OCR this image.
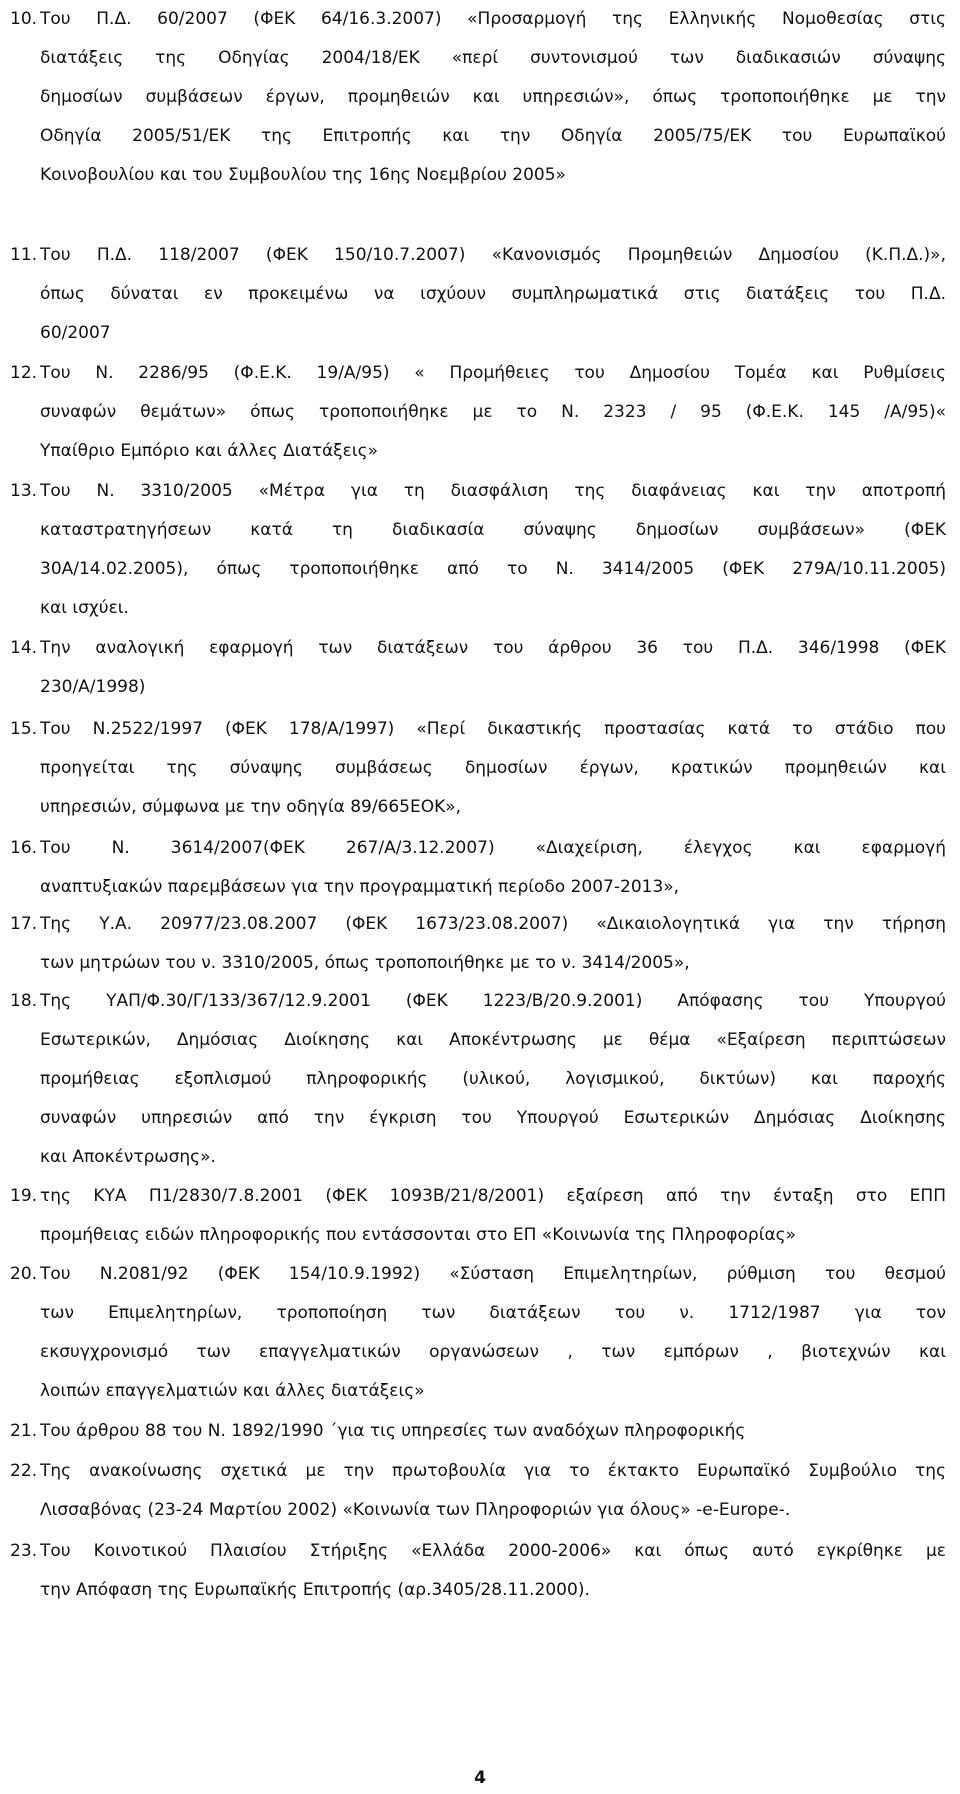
10. Του Π.Δ. 60/2007 (ΦΕΚ 64/16.3.2007) «Προσαρμογή της Ελληνικής Νομοθεσίας στις
διατάξεις της Οδηγίας 2004/18/ΕΚ «περί συντονισμού των διαδικασιών σύναψης
δημοσίων συμβάσεων έργων, προμηθειών και υπηρεσιών», όπως τροποποιήθηκε με την
Οδηγία 2005/51/ΕΚ της Επιτροπής και την Οδηγία 2005/75/ΕΚ του Ευρωπαϊκού
Κοινοβουλίου και του Συμβουλίου της 16ης Νοεμβρίου 2005»
11. Του Π.Δ. 118/2007 (ΦΕΚ 150/10.7.2007) «Κανονισμός Προμηθειών Δημοσίου (Κ.Π.Δ.)»,
όπως δύναται εν προκειμένω να ισχύουν συμπληρωματικά στις διατάξεις του Π.Δ.
60/2007
12. Του Ν. 2286/95 (Φ.Ε.Κ. 19/Α/95) « Προμήθειες του Δημοσίου Τομέα και Ρυθμίσεις
συναφών θεμάτων» όπως τροποποιήθηκε με το Ν. 2323 / 95 (Φ.Ε.Κ. 145 /Α/95)«
Υπαίθριο Εμπόριο και άλλες Διατάξεις»
13. Του Ν. 3310/2005 «Μέτρα για τη διασφάλιση της διαφάνειας και την αποτροπή
καταστρατηγήσεων κατά τη διαδικασία σύναψης δημοσίων συμβάσεων» (ΦΕΚ
30Α/14.02.2005), όπως τροποποιήθηκε από το Ν. 3414/2005 (ΦΕΚ 279Α/10.11.2005)
και ισχύει.
14. Την αναλογική εφαρμογή των διατάξεων του άρθρου 36 του Π.Δ. 346/1998 (ΦΕΚ
230/Α/1998)
15. Του Ν.2522/1997 (ΦΕΚ 178/Α/1997) «Περί δικαστικής προστασίας κατά το στάδιο που
προηγείται της σύναψης συμβάσεως δημοσίων έργων, κρατικών προμηθειών και
υπηρεσιών, σύμφωνα με την οδηγία 89/665ΕΟΚ»,
16. Του Ν. 3614/2007(ΦΕΚ 267/Α/3.12.2007) «Διαχείριση, έλεγχος και εφαρμογή
αναπτυξιακών παρεμβάσεων για την προγραμματική περίοδο 2007-2013»,
17. Της Υ.Α. 20977/23.08.2007 (ΦΕΚ 1673/23.08.2007) «Δικαιολογητικά για την τήρηση
των μητρώων του ν. 3310/2005, όπως τροποποιήθηκε με το ν. 3414/2005»,
18. Της ΥΑΠ/Φ.30/Γ/133/367/12.9.2001 (ΦΕΚ 1223/Β/20.9.2001) Απόφασης του Υπουργού
Εσωτερικών, Δημόσιας Διοίκησης και Αποκέντρωσης με θέμα «Εξαίρεση περιπτώσεων
προμήθειας εξοπλισμού πληροφορικής (υλικού, λογισμικού, δικτύων) και παροχής
συναφών υπηρεσιών από την έγκριση του Υπουργού Εσωτερικών Δημόσιας Διοίκησης
και Αποκέντρωσης».
19. της ΚΥΑ Π1/2830/7.8.2001 (ΦΕΚ 1093Β/21/8/2001) εξαίρεση από την ένταξη στο ΕΠΠ
προμήθειας ειδών πληροφορικής που εντάσσονται στο ΕΠ «Κοινωνία της Πληροφορίας»
20. Του Ν.2081/92 (ΦΕΚ 154/10.9.1992) «Σύσταση Επιμελητηρίων, ρύθμιση του θεσμού
των Επιμελητηρίων, τροποποίηση των διατάξεων του ν. 1712/1987 για τον
εκσυγχρονισμό των επαγγελματικών οργανώσεων , των εμπόρων , βιοτεχνών και
λοιπών επαγγελματιών και άλλες διατάξεις»
21. Του άρθρου 88 του Ν. 1892/1990 ΄για τις υπηρεσίες των αναδόχων πληροφορικής
22. Της ανακοίνωσης σχετικά με την πρωτοβουλία για το έκτακτο Ευρωπαϊκό Συμβούλιο της
Λισσαβόνας (23-24 Μαρτίου 2002) «Κοινωνία των Πληροφοριών για όλους» -e-Europe-.
23. Του Κοινοτικού Πλαισίου Στήριξης «Ελλάδα 2000-2006» και όπως αυτό εγκρίθηκε με
την Απόφαση της Ευρωπαϊκής Επιτροπής (αρ.3405/28.11.2000).
4
